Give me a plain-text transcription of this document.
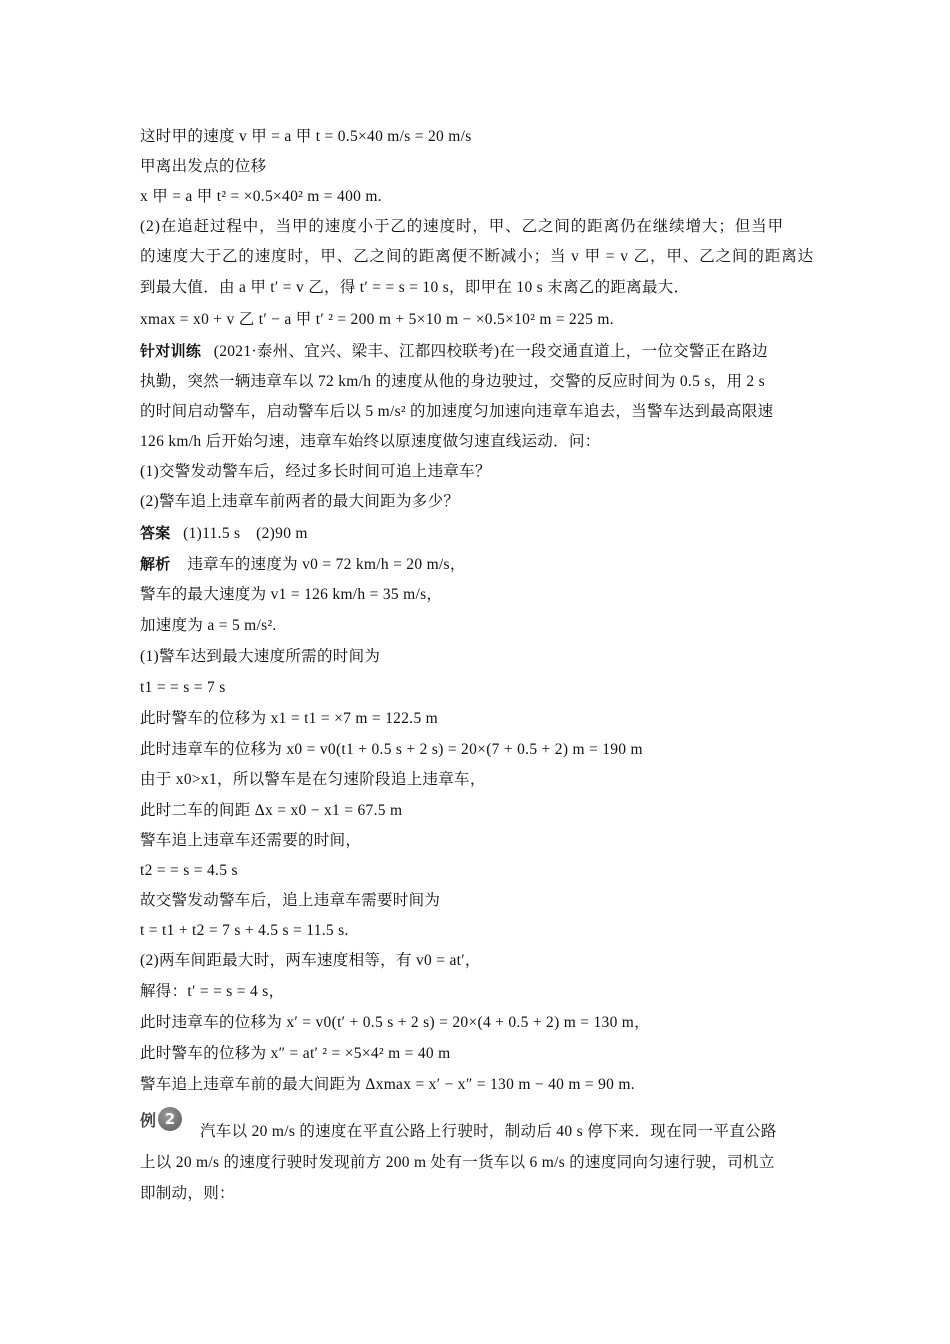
这时甲的速度 v 甲 = a 甲 t = 0.5×40 m/s = 20 m/s
甲离出发点的位移
x 甲 = a 甲 t² = ×0.5×40² m = 400 m.
(2)在追赶过程中，当甲的速度小于乙的速度时，甲、乙之间的距离仍在继续增大；但当甲
的速度大于乙的速度时，甲、乙之间的距离便不断减小；当 v 甲 = v 乙，甲、乙之间的距离达
到最大值．由 a 甲 t′ = v 乙，得 t′ = = s = 10 s，即甲在 10 s 末离乙的距离最大．
xmax = x0 + v 乙 t′ − a 甲 t′ ² = 200 m + 5×10 m − ×0.5×10² m = 225 m.
针对训练 (2021·泰州、宜兴、梁丰、江都四校联考)在一段交通直道上，一位交警正在路边
执勤，突然一辆违章车以 72 km/h 的速度从他的身边驶过，交警的反应时间为 0.5 s，用 2 s
的时间启动警车，启动警车后以 5 m/s² 的加速度匀加速向违章车追去，当警车达到最高限速
126 km/h 后开始匀速，违章车始终以原速度做匀速直线运动．问：
(1)交警发动警车后，经过多长时间可追上违章车？
(2)警车追上违章车前两者的最大间距为多少？
答案 (1)11.5 s　(2)90 m
解析 违章车的速度为 v0 = 72 km/h = 20 m/s，
警车的最大速度为 v1 = 126 km/h = 35 m/s，
加速度为 a = 5 m/s².
(1)警车达到最大速度所需的时间为
t1 = = s = 7 s
此时警车的位移为 x1 = t1 = ×7 m = 122.5 m
此时违章车的位移为 x0 = v0(t1 + 0.5 s + 2 s) = 20×(7 + 0.5 + 2) m = 190 m
由于 x0>x1，所以警车是在匀速阶段追上违章车，
此时二车的间距 Δx = x0 − x1 = 67.5 m
警车追上违章车还需要的时间，
t2 = = s = 4.5 s
故交警发动警车后，追上违章车需要时间为
t = t1 + t2 = 7 s + 4.5 s = 11.5 s.
(2)两车间距最大时，两车速度相等，有 v0 = at′，
解得：t′ = = s = 4 s，
此时违章车的位移为 x′ = v0(t′ + 0.5 s + 2 s) = 20×(4 + 0.5 + 2) m = 130 m，
此时警车的位移为 x″ = at′ ² = ×5×4² m = 40 m
警车追上违章车前的最大间距为 Δxmax = x′ − x″ = 130 m − 40 m = 90 m.
例 2
汽车以 20 m/s 的速度在平直公路上行驶时，制动后 40 s 停下来．现在同一平直公路
上以 20 m/s 的速度行驶时发现前方 200 m 处有一货车以 6 m/s 的速度同向匀速行驶，司机立
即制动，则：
